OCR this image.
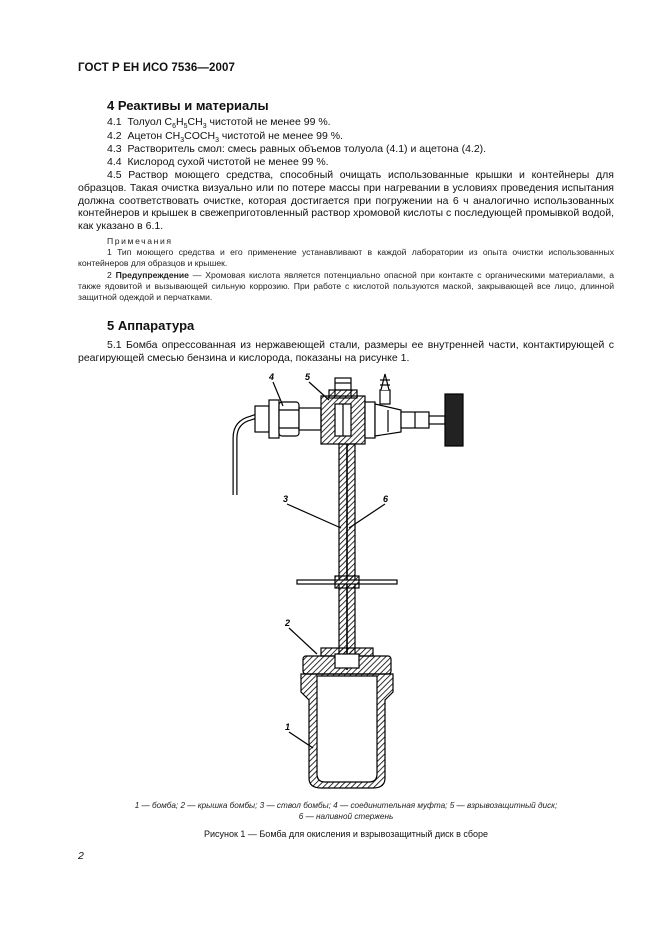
ГОСТ Р ЕН ИСО 7536—2007
4 Реактивы и материалы
4.1 Толуол $C_6H_5CH_3$ чистотой не менее 99 %.
4.2 Ацетон $CH_3COCH_3$ чистотой не менее 99 %.
4.3 Растворитель смол: смесь равных объемов толуола (4.1) и ацетона (4.2).
4.4 Кислород сухой чистотой не менее 99 %.
4.5 Раствор моющего средства, способный очищать использованные крышки и контейнеры для образцов. Такая очистка визуально или по потере массы при нагревании в условиях проведения испытания должна соответствовать очистке, которая достигается при погружении на 6 ч аналогично использованных контейнеров и крышек в свежеприготовленный раствор хромовой кислоты с последующей промывкой водой, как указано в 6.1.
Примечания
1 Тип моющего средства и его применение устанавливают в каждой лаборатории из опыта очистки использованных контейнеров для образцов и крышек.
2 Предупреждение — Хромовая кислота является потенциально опасной при контакте с органическими материалами, а также ядовитой и вызывающей сильную коррозию. При работе с кислотой пользуются маской, закрывающей все лицо, длинной защитной одеждой и перчатками.
5 Аппаратура
5.1 Бомба опрессованная из нержавеющей стали, размеры ее внутренней части, контактирующей с реагирующей смесью бензина и кислорода, показаны на рисунке 1.
4	5
3	6
2
1
1 — бомба; 2 — крышка бомбы; 3 — ствол бомбы; 4 — соединительная муфта; 5 — взрывозащитный диск;
6 — наливной стержень
Рисунок 1 — Бомба для окисления и взрывозащитный диск в сборе
2
